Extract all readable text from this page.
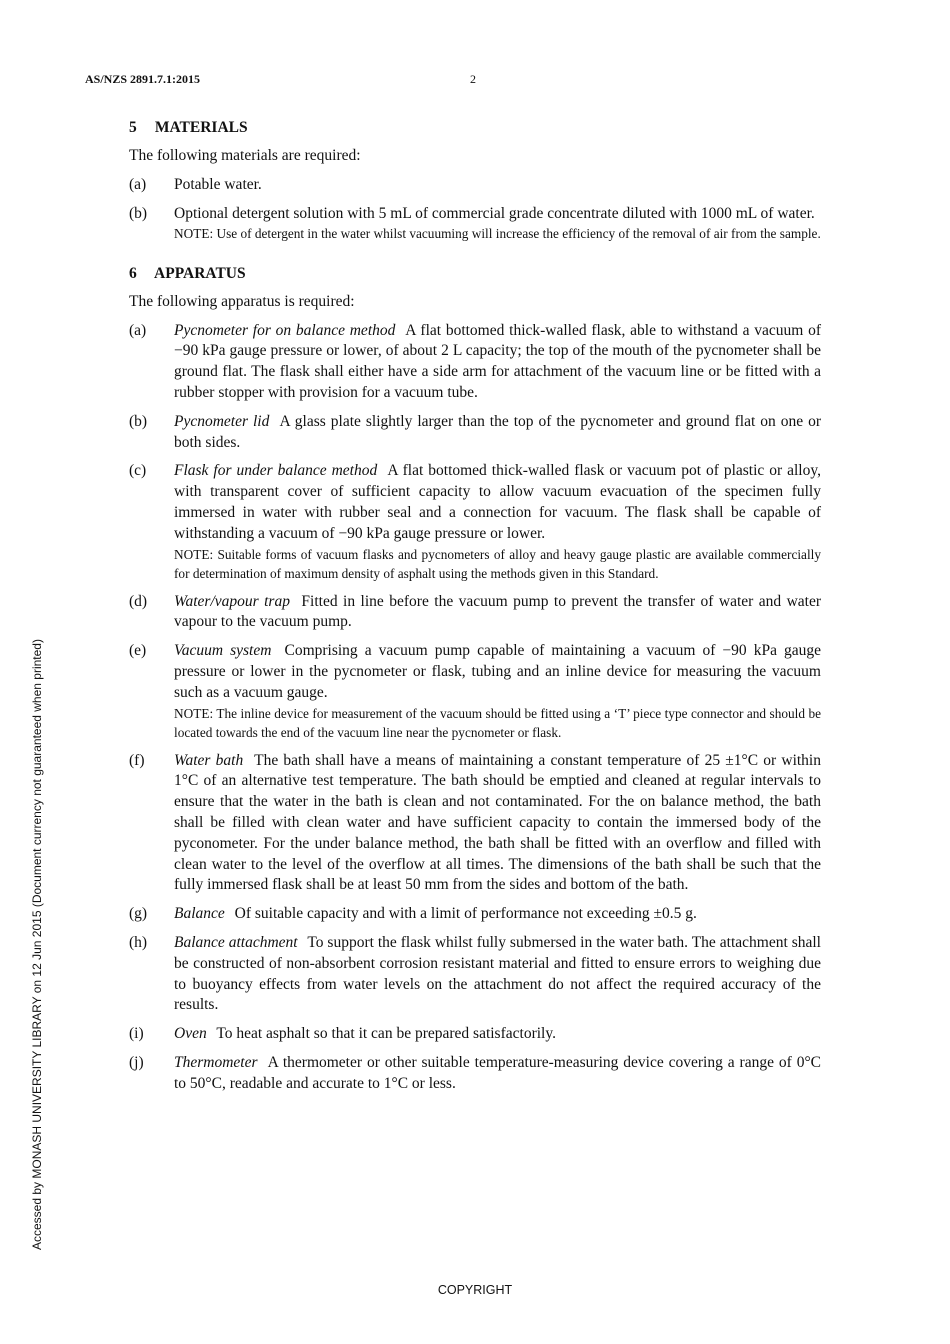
AS/NZS 2891.7.1:2015	2
Accessed by MONASH UNIVERSITY LIBRARY on 12 Jun 2015 (Document currency not guaranteed when printed)
5 MATERIALS

The following materials are required:

(a)	Potable water.
(b)	Optional detergent solution with 5 mL of commercial grade concentrate diluted with 1000 mL of water.

NOTE: Use of detergent in the water whilst vacuuming will increase the efficiency of the removal of air from the sample.

6 APPARATUS

The following apparatus is required:

(a)	Pycnometer for on balance method A flat bottomed thick-walled flask, able to withstand a vacuum of −90 kPa gauge pressure or lower, of about 2 L capacity; the top of the mouth of the pycnometer shall be ground flat. The flask shall either have a side arm for attachment of the vacuum line or be fitted with a rubber stopper with provision for a vacuum tube.
(b)	Pycnometer lid A glass plate slightly larger than the top of the pycnometer and ground flat on one or both sides.
(c)	Flask for under balance method A flat bottomed thick-walled flask or vacuum pot of plastic or alloy, with transparent cover of sufficient capacity to allow vacuum evacuation of the specimen fully immersed in water with rubber seal and a connection for vacuum. The flask shall be capable of withstanding a vacuum of −90 kPa gauge pressure or lower.

NOTE: Suitable forms of vacuum flasks and pycnometers of alloy and heavy gauge plastic are available commercially for determination of maximum density of asphalt using the methods given in this Standard.

(d)	Water/vapour trap Fitted in line before the vacuum pump to prevent the transfer of water and water vapour to the vacuum pump.
(e)	Vacuum system Comprising a vacuum pump capable of maintaining a vacuum of −90 kPa gauge pressure or lower in the pycnometer or flask, tubing and an inline device for measuring the vacuum such as a vacuum gauge.

NOTE: The inline device for measurement of the vacuum should be fitted using a ‘T’ piece type connector and should be located towards the end of the vacuum line near the pycnometer or flask.

(f)	Water bath The bath shall have a means of maintaining a constant temperature of 25 ±1°C or within 1°C of an alternative test temperature. The bath should be emptied and cleaned at regular intervals to ensure that the water in the bath is clean and not contaminated. For the on balance method, the bath shall be filled with clean water and have sufficient capacity to contain the immersed body of the pyconometer. For the under balance method, the bath shall be fitted with an overflow and filled with clean water to the level of the overflow at all times. The dimensions of the bath shall be such that the fully immersed flask shall be at least 50 mm from the sides and bottom of the bath.
(g)	Balance Of suitable capacity and with a limit of performance not exceeding ±0.5 g.
(h)	Balance attachment To support the flask whilst fully submersed in the water bath. The attachment shall be constructed of non-absorbent corrosion resistant material and fitted to ensure errors to weighing due to buoyancy effects from water levels on the attachment do not affect the required accuracy of the results.
(i)	Oven To heat asphalt so that it can be prepared satisfactorily.
(j)	Thermometer A thermometer or other suitable temperature-measuring device covering a range of 0°C to 50°C, readable and accurate to 1°C or less.
COPYRIGHT
